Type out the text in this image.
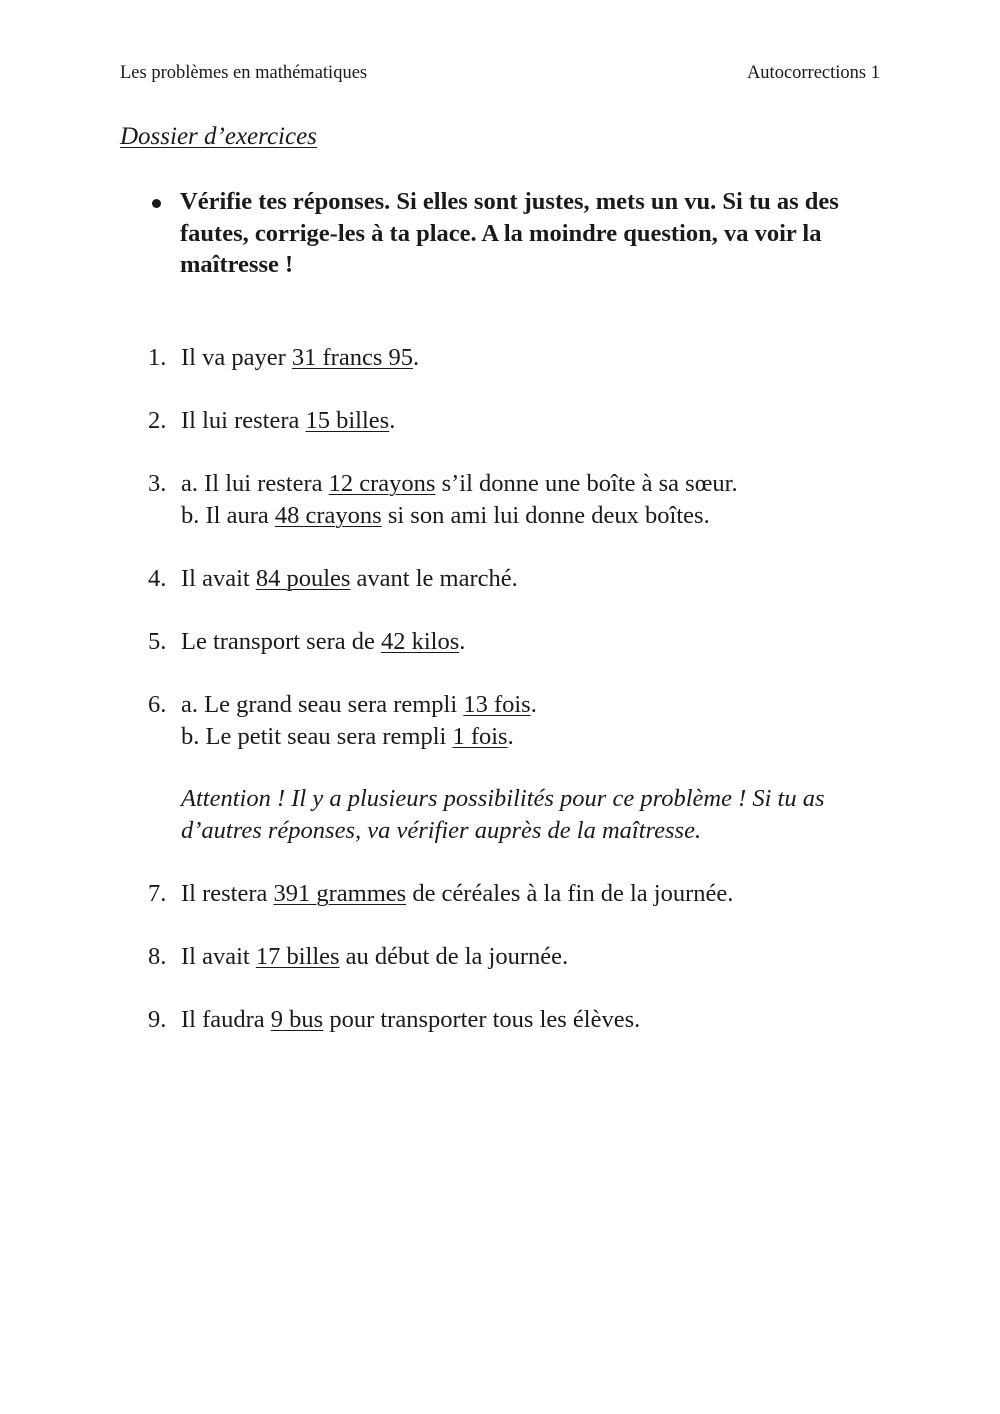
Les problèmes en mathématiques	Autocorrections 1
Dossier d’exercices
Vérifie tes réponses. Si elles sont justes, mets un vu. Si tu as des fautes, corrige-les à ta place. A la moindre question, va voir la maîtresse !
1. Il va payer 31 francs 95.
2. Il lui restera 15 billes.
3. a. Il lui restera 12 crayons s’il donne une boîte à sa sœur.
b. Il aura 48 crayons si son ami lui donne deux boîtes.
4. Il avait 84 poules avant le marché.
5. Le transport sera de 42 kilos.
6. a. Le grand seau sera rempli 13 fois.
b. Le petit seau sera rempli 1 fois.
Attention ! Il y a plusieurs possibilités pour ce problème ! Si tu as d’autres réponses, va vérifier auprès de la maîtresse.
7. Il restera 391 grammes de céréales à la fin de la journée.
8. Il avait 17 billes au début de la journée.
9. Il faudra 9 bus pour transporter tous les élèves.
